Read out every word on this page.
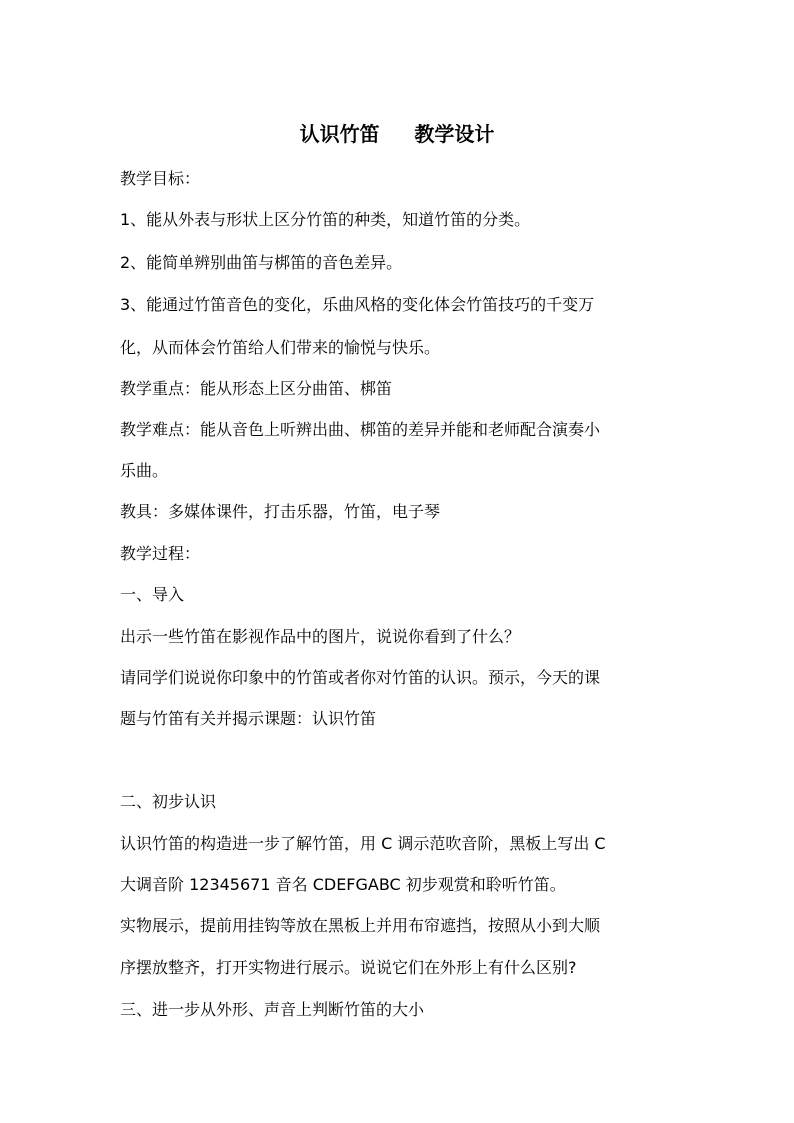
认识竹笛     教学设计
教学目标：
1、能从外表与形状上区分竹笛的种类，知道竹笛的分类。
2、能简单辨别曲笛与梆笛的音色差异。
3、能通过竹笛音色的变化，乐曲风格的变化体会竹笛技巧的千变万
化，从而体会竹笛给人们带来的愉悦与快乐。
教学重点：能从形态上区分曲笛、梆笛
教学难点：能从音色上听辨出曲、梆笛的差异并能和老师配合演奏小
乐曲。
教具：多媒体课件，打击乐器，竹笛，电子琴
教学过程：
一、导入
出示一些竹笛在影视作品中的图片，说说你看到了什么？
请同学们说说你印象中的竹笛或者你对竹笛的认识。预示，今天的课
题与竹笛有关并揭示课题：认识竹笛
二、初步认识
认识竹笛的构造进一步了解竹笛，用 C 调示范吹音阶，黑板上写出 C
大调音阶 12345671 音名 CDEFGABC 初步观赏和聆听竹笛。
实物展示，提前用挂钩等放在黑板上并用布帘遮挡，按照从小到大顺
序摆放整齐，打开实物进行展示。说说它们在外形上有什么区别?
三、进一步从外形、声音上判断竹笛的大小
